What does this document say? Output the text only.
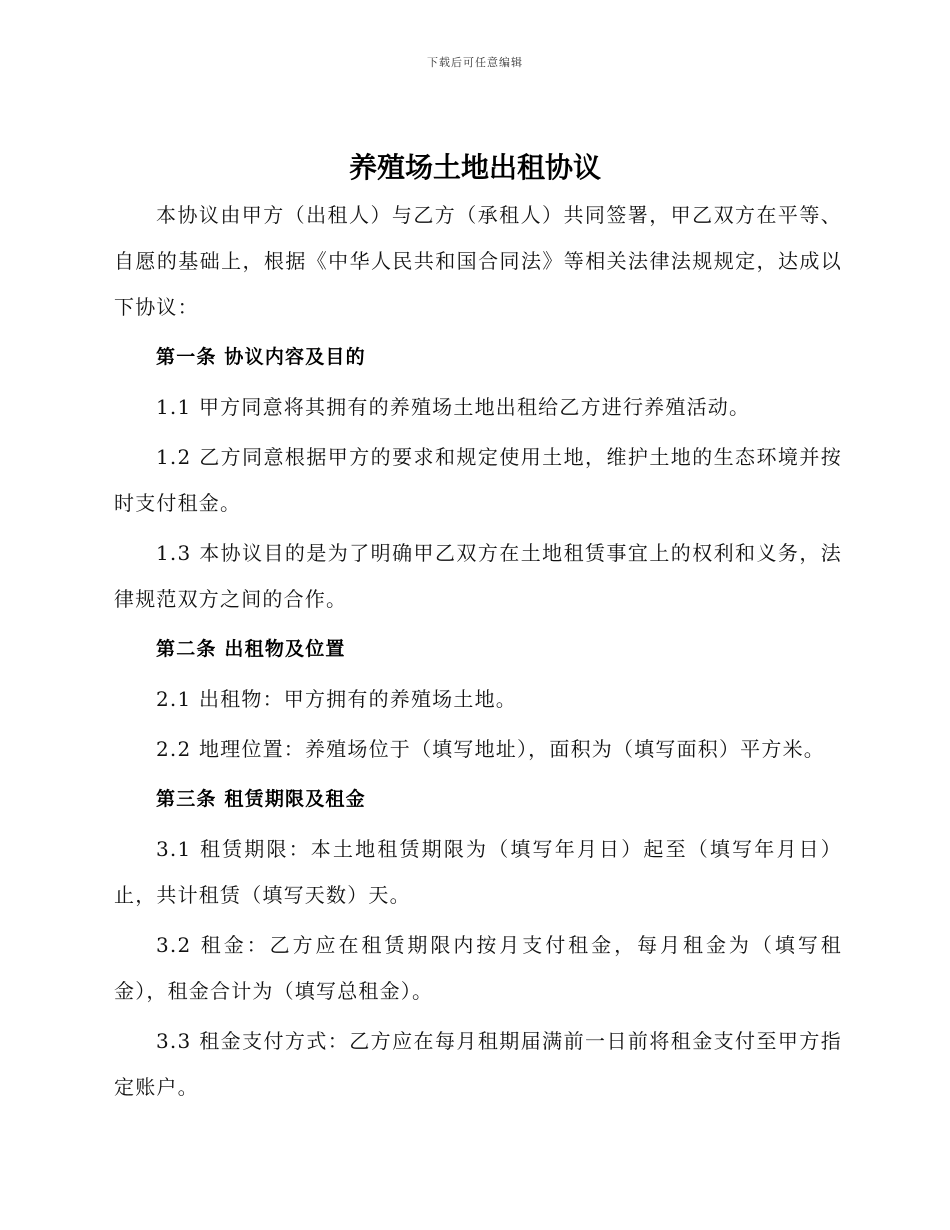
下载后可任意编辑
养殖场土地出租协议

本协议由甲方（出租人）与乙方（承租人）共同签署，甲乙双方在平等、自愿的基础上，根据《中华人民共和国合同法》等相关法律法规规定，达成以下协议：

第一条 协议内容及目的

1.1 甲方同意将其拥有的养殖场土地出租给乙方进行养殖活动。

1.2 乙方同意根据甲方的要求和规定使用土地，维护土地的生态环境并按时支付租金。

1.3 本协议目的是为了明确甲乙双方在土地租赁事宜上的权利和义务，法律规范双方之间的合作。

第二条 出租物及位置

2.1 出租物：甲方拥有的养殖场土地。

2.2 地理位置：养殖场位于（填写地址），面积为（填写面积）平方米。

第三条 租赁期限及租金

3.1 租赁期限：本土地租赁期限为（填写年月日）起至（填写年月日）止，共计租赁（填写天数）天。

3.2 租金：乙方应在租赁期限内按月支付租金，每月租金为（填写租金），租金合计为（填写总租金）。

3.3 租金支付方式：乙方应在每月租期届满前一日前将租金支付至甲方指定账户。
